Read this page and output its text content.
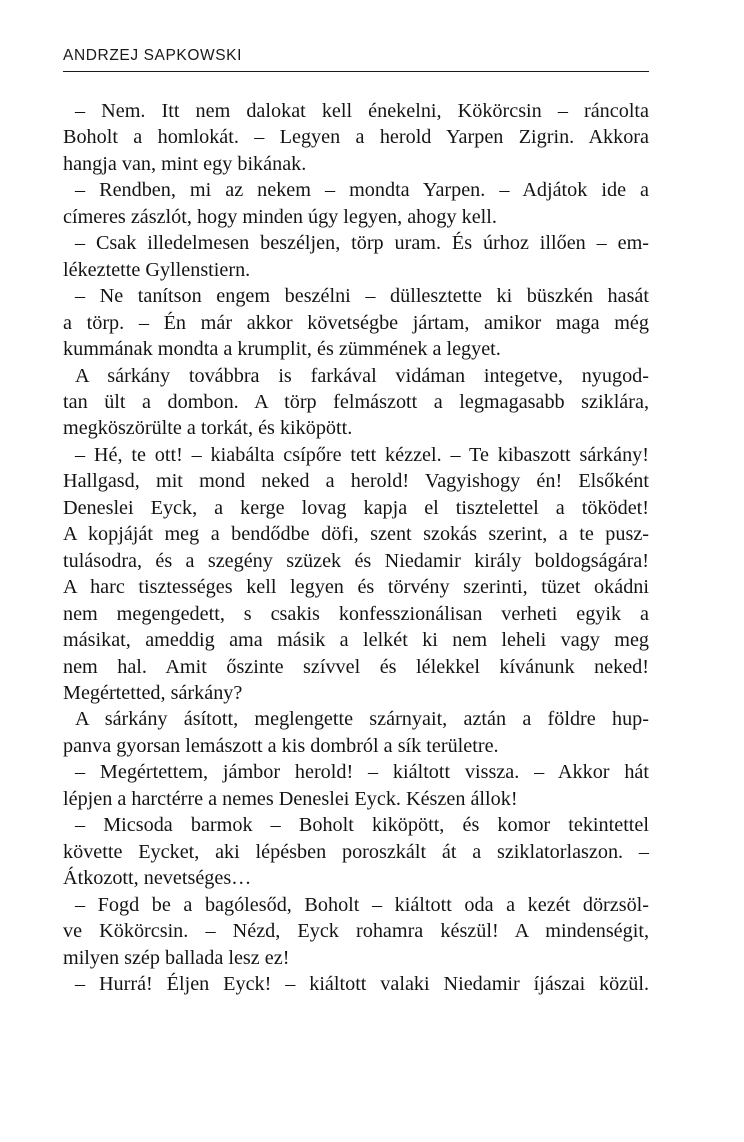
ANDRZEJ SAPKOWSKI
– Nem. Itt nem dalokat kell énekelni, Kökörcsin – ráncolta
Boholt a homlokát. – Legyen a herold Yarpen Zigrin. Akkora
hangja van, mint egy bikának.
– Rendben, mi az nekem – mondta Yarpen. – Adjátok ide a
címeres zászlót, hogy minden úgy legyen, ahogy kell.
– Csak illedelmesen beszéljen, törp uram. És úrhoz illően – em-
lékeztette Gyllenstiern.
– Ne tanítson engem beszélni – düllesztette ki büszkén hasát
a törp. – Én már akkor követségbe jártam, amikor maga még
kummának mondta a krumplit, és zümmének a legyet.
A sárkány továbbra is farkával vidáman integetve, nyugod-
tan ült a dombon. A törp felmászott a legmagasabb sziklára,
megköszörülte a torkát, és kiköpött.
– Hé, te ott! – kiabálta csípőre tett kézzel. – Te kibaszott sárkány!
Hallgasd, mit mond neked a herold! Vagyishogy én! Elsőként
Deneslei Eyck, a kerge lovag kapja el tisztelettel a töködet!
A kopjáját meg a bendődbe döfi, szent szokás szerint, a te pusz-
tulásodra, és a szegény szüzek és Niedamir király boldogságára!
A harc tisztességes kell legyen és törvény szerinti, tüzet okádni
nem megengedett, s csakis konfesszionálisan verheti egyik a
másikat, ameddig ama másik a lelkét ki nem leheli vagy meg
nem hal. Amit őszinte szívvel és lélekkel kívánunk neked!
Megértetted, sárkány?
A sárkány ásított, meglengette szárnyait, aztán a földre hup-
panva gyorsan lemászott a kis dombról a sík területre.
– Megértettem, jámbor herold! – kiáltott vissza. – Akkor hát
lépjen a harctérre a nemes Deneslei Eyck. Készen állok!
– Micsoda barmok – Boholt kiköpött, és komor tekintettel
követte Eycket, aki lépésben poroszkált át a sziklatorlaszon. –
Átkozott, nevetséges…
– Fogd be a bagólesőd, Boholt – kiáltott oda a kezét dörzsöl-
ve Kökörcsin. – Nézd, Eyck rohamra készül! A mindenségit,
milyen szép ballada lesz ez!
– Hurrá! Éljen Eyck! – kiáltott valaki Niedamir íjászai közül.
